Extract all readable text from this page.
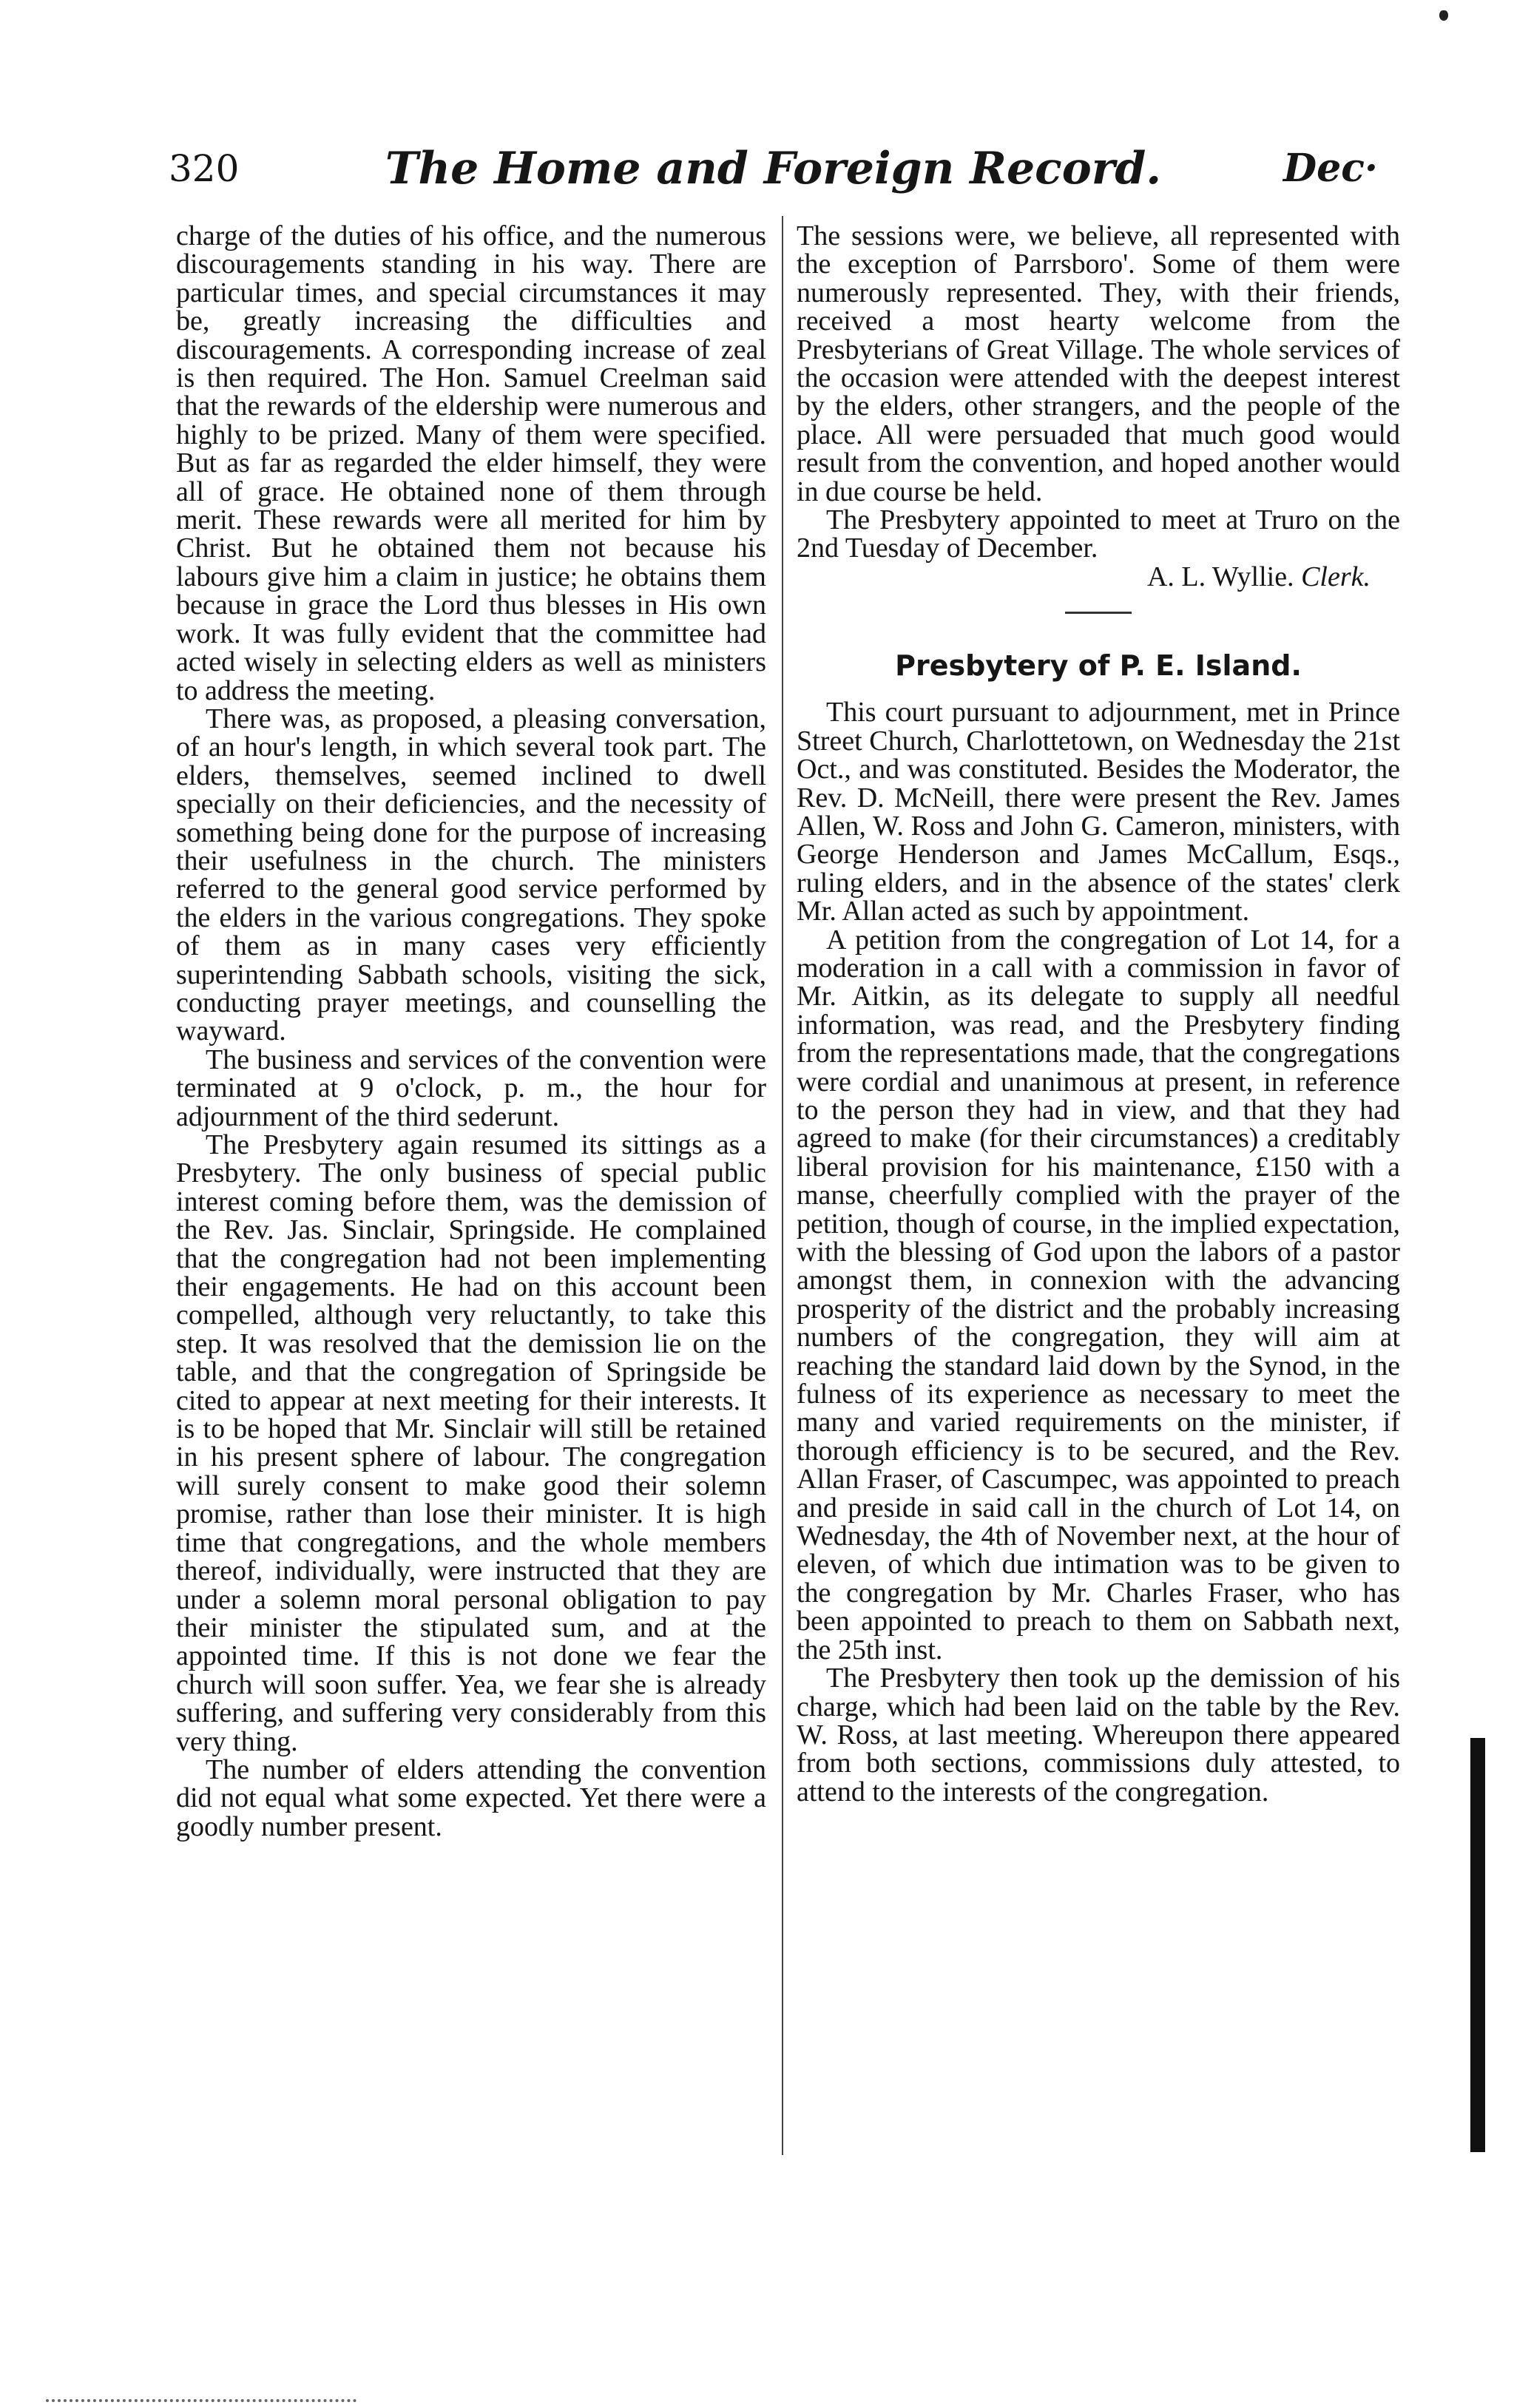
320	The Home and Foreign Record.	Dec·

charge of the duties of his office, and the numerous discouragements standing in his way. There are particular times, and special circumstances it may be, greatly increasing the difficulties and discouragements. A corresponding increase of zeal is then required. The Hon. Samuel Creelman said that the rewards of the eldership were numerous and highly to be prized. Many of them were specified. But as far as regarded the elder himself, they were all of grace. He obtained none of them through merit. These rewards were all merited for him by Christ. But he obtained them not because his labours give him a claim in justice; he obtains them because in grace the Lord thus blesses in His own work. It was fully evident that the committee had acted wisely in selecting elders as well as ministers to address the meeting.

There was, as proposed, a pleasing conversation, of an hour's length, in which several took part. The elders, themselves, seemed inclined to dwell specially on their deficiencies, and the necessity of something being done for the purpose of increasing their usefulness in the church. The ministers referred to the general good service performed by the elders in the various congregations. They spoke of them as in many cases very efficiently superintending Sabbath schools, visiting the sick, conducting prayer meetings, and counselling the wayward.

The business and services of the convention were terminated at 9 o'clock, p. m., the hour for adjournment of the third sederunt.

The Presbytery again resumed its sittings as a Presbytery. The only business of special public interest coming before them, was the demission of the Rev. Jas. Sinclair, Springside. He complained that the congregation had not been implementing their engagements. He had on this account been compelled, although very reluctantly, to take this step. It was resolved that the demission lie on the table, and that the congregation of Springside be cited to appear at next meeting for their interests. It is to be hoped that Mr. Sinclair will still be retained in his present sphere of labour. The congregation will surely consent to make good their solemn promise, rather than lose their minister. It is high time that congregations, and the whole members thereof, individually, were instructed that they are under a solemn moral personal obligation to pay their minister the stipulated sum, and at the appointed time. If this is not done we fear the church will soon suffer. Yea, we fear she is already suffering, and suffering very considerably from this very thing.

The number of elders attending the convention did not equal what some expected. Yet there were a goodly number present.

The sessions were, we believe, all represented with the exception of Parrsboro'. Some of them were numerously represented. They, with their friends, received a most hearty welcome from the Presbyterians of Great Village. The whole services of the occasion were attended with the deepest interest by the elders, other strangers, and the people of the place. All were persuaded that much good would result from the convention, and hoped another would in due course be held.

The Presbytery appointed to meet at Truro on the 2nd Tuesday of December.

A. L. Wyllie. Clerk.

Presbytery of P. E. Island.

This court pursuant to adjournment, met in Prince Street Church, Charlottetown, on Wednesday the 21st Oct., and was constituted. Besides the Moderator, the Rev. D. McNeill, there were present the Rev. James Allen, W. Ross and John G. Cameron, ministers, with George Henderson and James McCallum, Esqs., ruling elders, and in the absence of the states' clerk Mr. Allan acted as such by appointment.

A petition from the congregation of Lot 14, for a moderation in a call with a commission in favor of Mr. Aitkin, as its delegate to supply all needful information, was read, and the Presbytery finding from the representations made, that the congregations were cordial and unanimous at present, in reference to the person they had in view, and that they had agreed to make (for their circumstances) a creditably liberal provision for his maintenance, £150 with a manse, cheerfully complied with the prayer of the petition, though of course, in the implied expectation, with the blessing of God upon the labors of a pastor amongst them, in connexion with the advancing prosperity of the district and the probably increasing numbers of the congregation, they will aim at reaching the standard laid down by the Synod, in the fulness of its experience as necessary to meet the many and varied requirements on the minister, if thorough efficiency is to be secured, and the Rev. Allan Fraser, of Cascumpec, was appointed to preach and preside in said call in the church of Lot 14, on Wednesday, the 4th of November next, at the hour of eleven, of which due intimation was to be given to the congregation by Mr. Charles Fraser, who has been appointed to preach to them on Sabbath next, the 25th inst.

The Presbytery then took up the demission of his charge, which had been laid on the table by the Rev. W. Ross, at last meeting. Whereupon there appeared from both sections, commissions duly attested, to attend to the interests of the congregation.
